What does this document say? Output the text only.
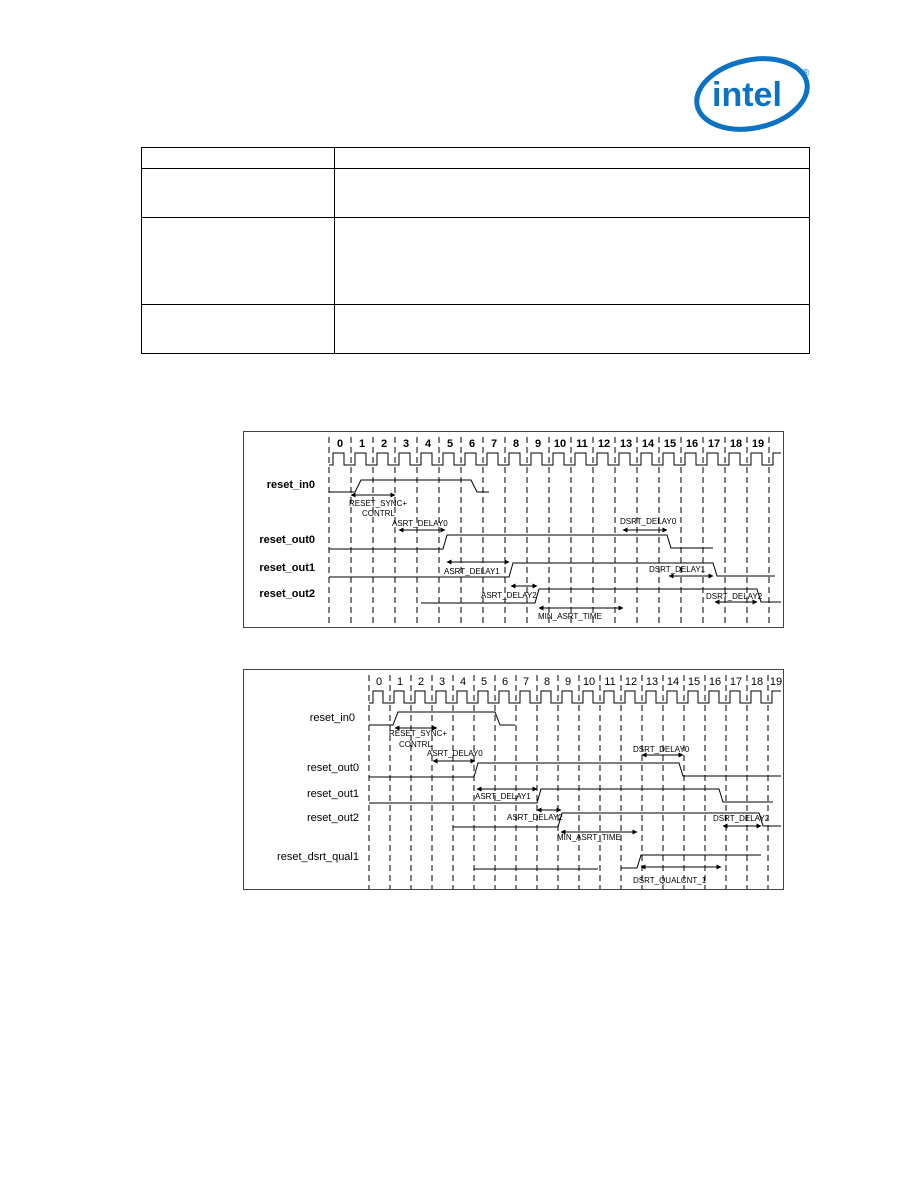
intel
®

0 1 2 3 4 5 6 7 8 9 10 11 12 13 14 15 16 17 18 19
reset_in0
reset_out0
reset_out1
reset_out2
RESET_SYNC+
CONTRL
ASRT_DELAY0	DSRT_DELAY0
ASRT_DELAY1	DSRT_DELAY1
ASRT_DELAY2	DSRT_DELAY2
MIN_ASRT_TIME
0 1 2 3 4 5 6 7 8 9 10 11 12 13 14 15 16 17 18 19
reset_in0
reset_out0
reset_out1
reset_out2
reset_dsrt_qual1
RESET_SYNC+
CONTRL
ASRT_DELAY0	DSRT_DELAY0
ASRT_DELAY1
ASRT_DELAY2	DSRT_DELAY2
MIN_ASRT_TIME
DSRT_QUALCNT_1
